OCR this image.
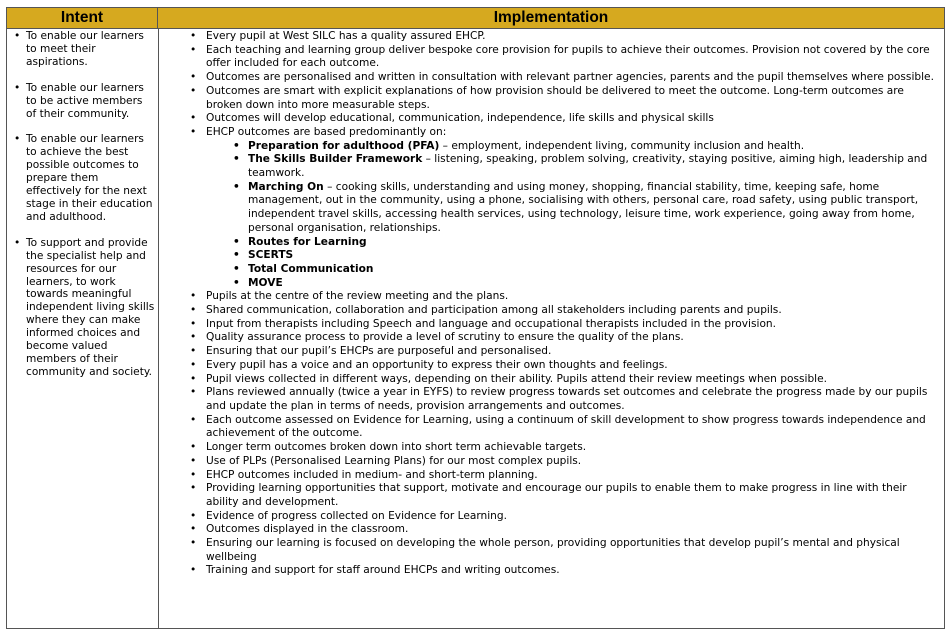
Intent	Implementation
• To enable our learners to meet their aspirations.
• To enable our learners to be active members of their community.
• To enable our learners to achieve the best possible outcomes to prepare them effectively for the next stage in their education and adulthood.
• To support and provide the specialist help and resources for our learners, to work towards meaningful independent living skills where they can make informed choices and become valued members of their community and society.
• Every pupil at West SILC has a quality assured EHCP.
• Each teaching and learning group deliver bespoke core provision for pupils to achieve their outcomes. Provision not covered by the core offer included for each outcome.
• Outcomes are personalised and written in consultation with relevant partner agencies, parents and the pupil themselves where possible.
• Outcomes are smart with explicit explanations of how provision should be delivered to meet the outcome. Long-term outcomes are broken down into more measurable steps.
• Outcomes will develop educational, communication, independence, life skills and physical skills
• EHCP outcomes are based predominantly on:
• Preparation for adulthood (PFA) – employment, independent living, community inclusion and health.
• The Skills Builder Framework – listening, speaking, problem solving, creativity, staying positive, aiming high, leadership and teamwork.
• Marching On – cooking skills, understanding and using money, shopping, financial stability, time, keeping safe, home management, out in the community, using a phone, socialising with others, personal care, road safety, using public transport, independent travel skills, accessing health services, using technology, leisure time, work experience, going away from home, personal organisation, relationships.
• Routes for Learning
• SCERTS
• Total Communication
• MOVE
• Pupils at the centre of the review meeting and the plans.
• Shared communication, collaboration and participation among all stakeholders including parents and pupils.
• Input from therapists including Speech and language and occupational therapists included in the provision.
• Quality assurance process to provide a level of scrutiny to ensure the quality of the plans.
• Ensuring that our pupil’s EHCPs are purposeful and personalised.
• Every pupil has a voice and an opportunity to express their own thoughts and feelings.
• Pupil views collected in different ways, depending on their ability. Pupils attend their review meetings when possible.
• Plans reviewed annually (twice a year in EYFS) to review progress towards set outcomes and celebrate the progress made by our pupils and update the plan in terms of needs, provision arrangements and outcomes.
• Each outcome assessed on Evidence for Learning, using a continuum of skill development to show progress towards independence and achievement of the outcome.
• Longer term outcomes broken down into short term achievable targets.
• Use of PLPs (Personalised Learning Plans) for our most complex pupils.
• EHCP outcomes included in medium- and short-term planning.
• Providing learning opportunities that support, motivate and encourage our pupils to enable them to make progress in line with their ability and development.
• Evidence of progress collected on Evidence for Learning.
• Outcomes displayed in the classroom.
• Ensuring our learning is focused on developing the whole person, providing opportunities that develop pupil’s mental and physical wellbeing
• Training and support for staff around EHCPs and writing outcomes.
